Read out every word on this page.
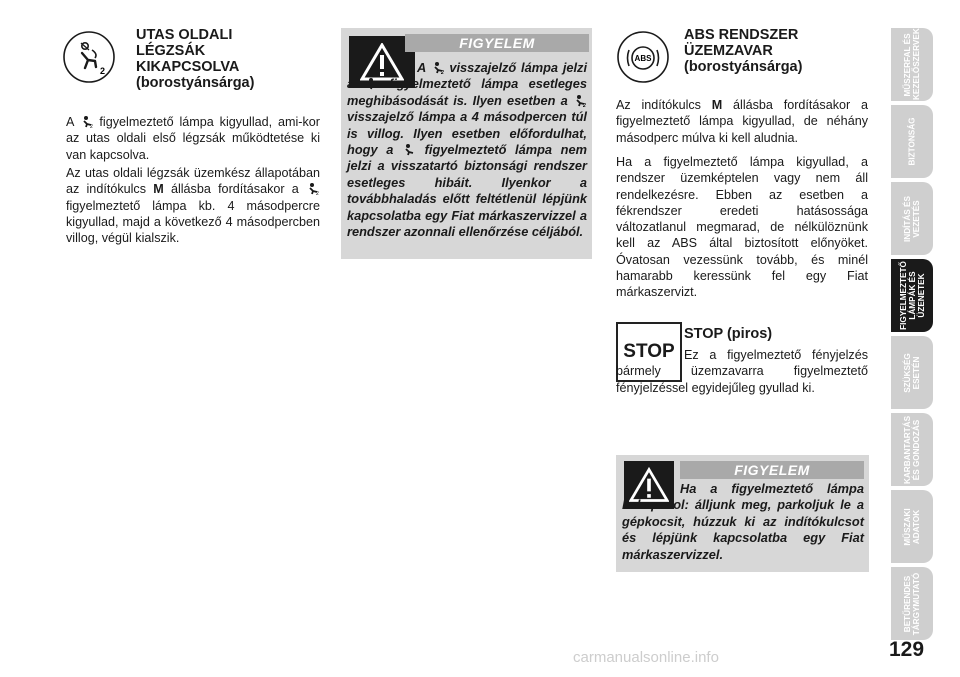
2
UTAS OLDALI
LÉGZSÁK
KIKAPCSOLVA
(borostyánsárga)

A	2 figyelmeztető lámpa kigyullad, ami-kor az utas oldali első légzsák működtetése ki van kapcsolva.

Az utas oldali légzsák üzemkész állapotában az indítókulcs M állásba fordításakor a 2
figyelmeztető lámpa kb. 4 másodpercre kigyullad, majd a következő 4 másodpercben villog, végül kialszik.

FIGYELEM

A 2 visszajelző lámpa jelzi a  figyelmeztető lámpa esetleges meghibásodását is. Ilyen esetben a 2
visszajelző lámpa a 4 másodpercen túl is villog. Ilyen esetben előfordulhat, hogy a  figyelmeztető lámpa nem jelzi a visszatartó biztonsági rendszer esetleges hibáit. Ilyenkor a továbbhaladás előtt feltétlenül lépjünk kapcsolatba egy Fiat márkaszervizzel a rendszer azonnali ellenőrzése céljából.

ABS
ABS RENDSZER
ÜZEMZAVAR
(borostyánsárga)

Az indítókulcs M állásba fordításakor a figyelmeztető lámpa kigyullad, de néhány másodperc múlva ki kell aludnia.

Ha a figyelmeztető lámpa kigyullad, a rendszer üzemképtelen vagy nem áll rendelkezésre. Ebben az esetben a fékrendszer eredeti hatásossága változatlanul megmarad, de nélkülöznünk kell az ABS által biztosított előnyöket. Óvatosan vezessünk tovább, és minél hamarabb keressünk fel egy Fiat márkaszervizt.

STOP
STOP (piros)

Ez a figyelmeztető fényjelzés bármely üzemzavarra figyelmeztető fényjelzéssel egyidejűleg gyullad ki.

FIGYELEM

Ha a figyelmeztető lámpa bekapcsol: álljunk meg, parkoljuk le a gépkocsit, húzzuk ki az indítókulcsot és lépjünk kapcsolatba egy Fiat márkaszervizzel.

MŰSZERFAL ÉS
KEZELŐSZERVEK
BIZTONSÁG
INDÍTÁS ÉS
VEZETÉS
FIGYELMEZTETŐ
LÁMPÁK ÉS
ÜZENETEK
SZÜKSÉG
ESETÉN
KARBANTARTÁS
ÉS GONDOZÁS
MŰSZAKI
ADATOK
BETŰRENDES
TÁRGYMUTATÓ
129
carmanualsonline.info
